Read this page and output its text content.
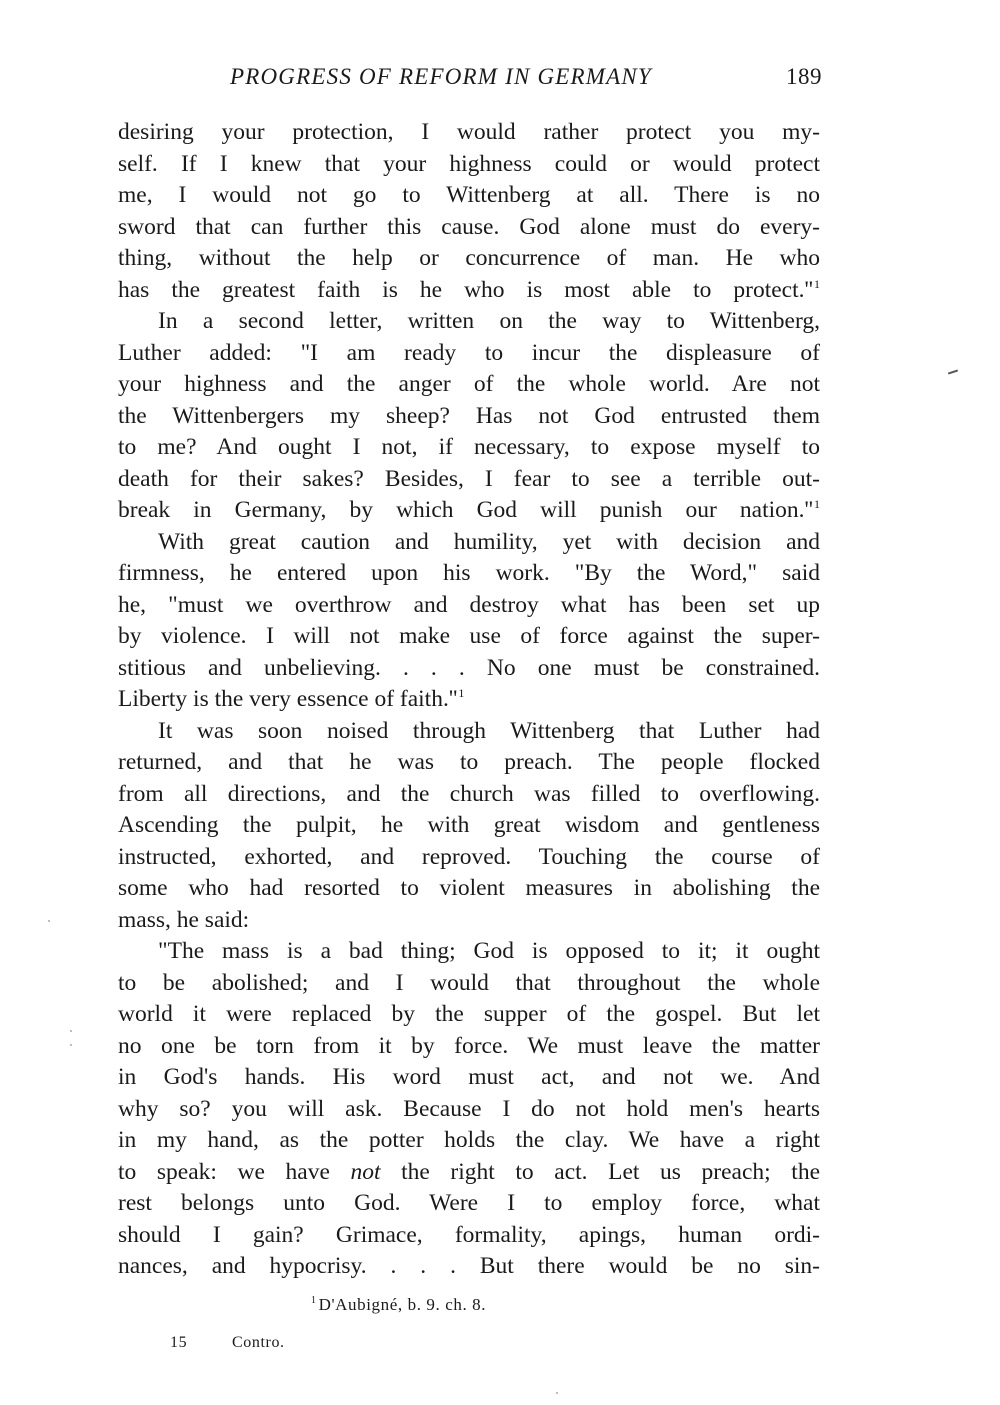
PROGRESS OF REFORM IN GERMANY	189
desiring your protection, I would rather protect you my-
self. If I knew that your highness could or would protect
me, I would not go to Wittenberg at all. There is no
sword that can further this cause. God alone must do every-
thing, without the help or concurrence of man. He who
has the greatest faith is he who is most able to protect.''$^1$
In a second letter, written on the way to Wittenberg,
Luther added: "I am ready to incur the displeasure of
your highness and the anger of the whole world. Are not
the Wittenbergers my sheep? Has not God entrusted them
to me? And ought I not, if necessary, to expose myself to
death for their sakes? Besides, I fear to see a terrible out-
break in Germany, by which God will punish our nation.''$^1$
With great caution and humility, yet with decision and
firmness, he entered upon his work. "By the Word," said
he, "must we overthrow and destroy what has been set up
by violence. I will not make use of force against the super-
stitious and unbelieving. . . . No one must be constrained.
Liberty is the very essence of faith.''$^1$
It was soon noised through Wittenberg that Luther had
returned, and that he was to preach. The people flocked
from all directions, and the church was filled to overflowing.
Ascending the pulpit, he with great wisdom and gentleness
instructed, exhorted, and reproved. Touching the course of
some who had resorted to violent measures in abolishing the
mass, he said:
"The mass is a bad thing; God is opposed to it; it ought
to be abolished; and I would that throughout the whole
world it were replaced by the supper of the gospel. But let
no one be torn from it by force. We must leave the matter
in God's hands. His word must act, and not we. And
why so? you will ask. Because I do not hold men's hearts
in my hand, as the potter holds the clay. We have a right
to speak: we have not the right to act. Let us preach; the
rest belongs unto God. Were I to employ force, what
should I gain? Grimace, formality, apings, human ordi-
nances, and hypocrisy. . . . But there would be no sin-
$^1$ D'Aubigné, b. 9. ch. 8.
15	Contro.
